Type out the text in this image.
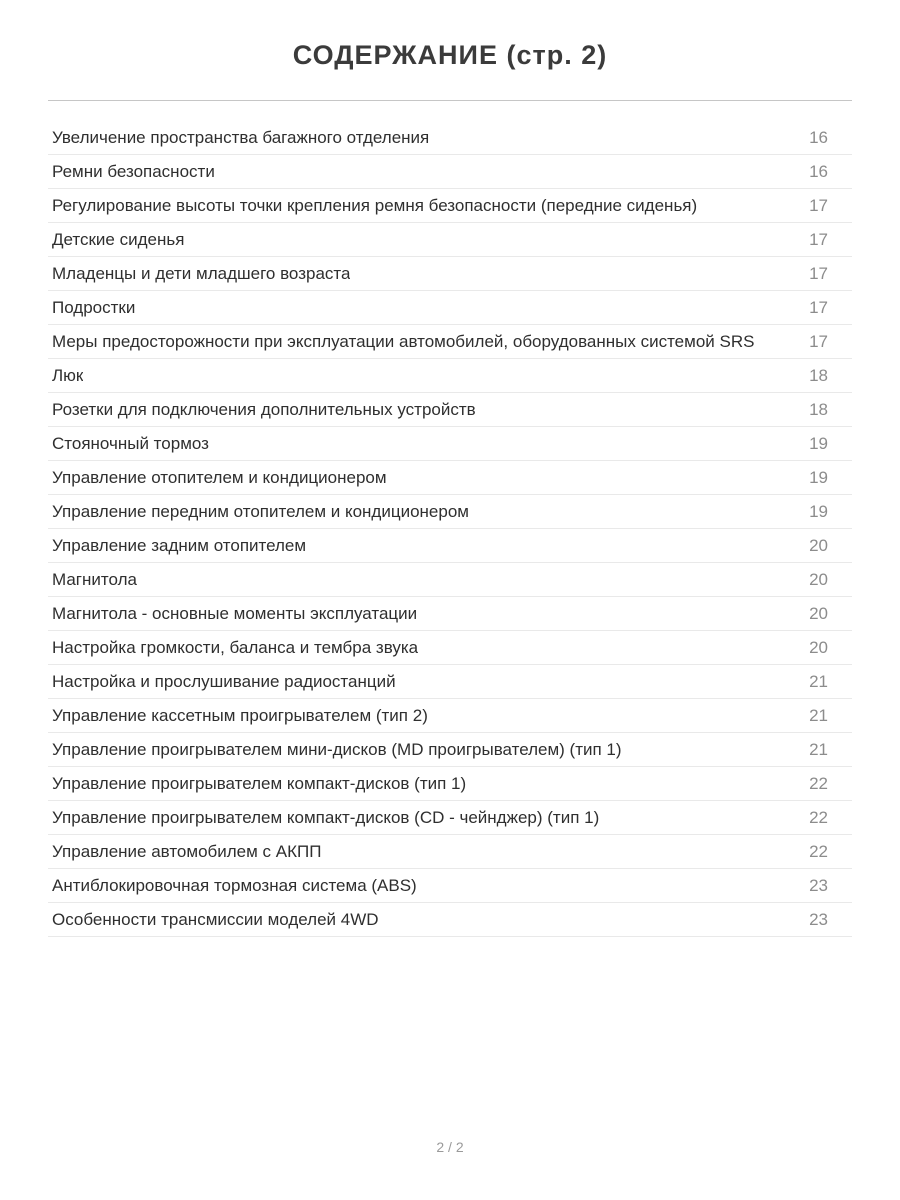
СОДЕРЖАНИЕ (стр. 2)
Увеличение пространства багажного отделения	16
Ремни безопасности	16
Регулирование высоты точки крепления ремня безопасности (передние сиденья)	17
Детские сиденья	17
Младенцы и дети младшего возраста	17
Подростки	17
Меры предосторожности при эксплуатации автомобилей, оборудованных системой SRS	17
Люк	18
Розетки для подключения дополнительных устройств	18
Стояночный тормоз	19
Управление отопителем и кондиционером	19
Управление передним отопителем и кондиционером	19
Управление задним отопителем	20
Магнитола	20
Магнитола - основные моменты эксплуатации	20
Настройка громкости, баланса и тембра звука	20
Настройка и прослушивание радиостанций	21
Управление кассетным проигрывателем (тип 2)	21
Управление проигрывателем мини-дисков (MD проигрывателем) (тип 1)	21
Управление проигрывателем компакт-дисков (тип 1)	22
Управление проигрывателем компакт-дисков (CD - чейнджер) (тип 1)	22
Управление автомобилем с АКПП	22
Антиблокировочная тормозная система (ABS)	23
Особенности трансмиссии моделей 4WD	23
2 / 2
